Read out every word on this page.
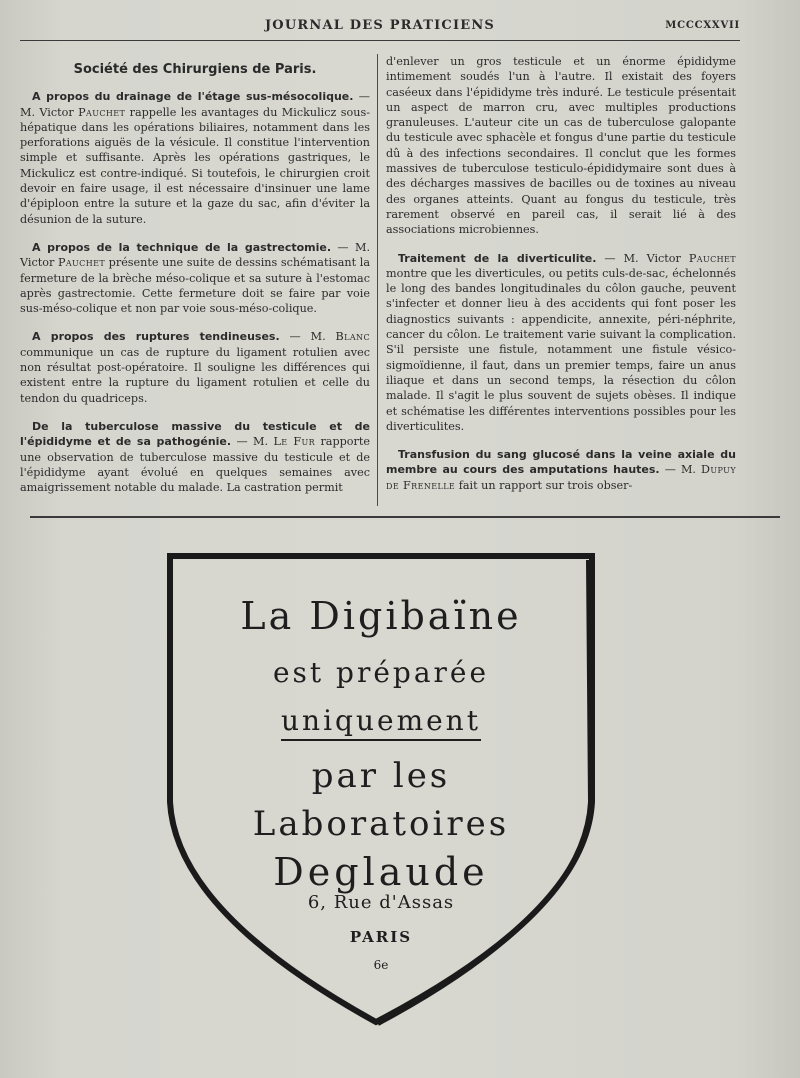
JOURNAL DES PRATICIENS	MCCCXXVII
Société des Chirurgiens de Paris.

A propos du drainage de l'étage sus-mésocolique. — M. Victor Pauchet rappelle les avantages du Mickulicz sous-hépatique dans les opérations biliaires, notamment dans les perforations aiguës de la vésicule. Il constitue l'intervention simple et suffisante. Après les opérations gastriques, le Mickulicz est contre-indiqué. Si toutefois, le chirurgien croit devoir en faire usage, il est nécessaire d'insinuer une lame d'épiploon entre la suture et la gaze du sac, afin d'éviter la désunion de la suture.

A propos de la technique de la gastrectomie. — M. Victor Pauchet présente une suite de dessins schématisant la fermeture de la brèche méso-colique et sa suture à l'estomac après gastrectomie. Cette fermeture doit se faire par voie sus-méso-colique et non par voie sous-méso-colique.

A propos des ruptures tendineuses. — M. Blanc communique un cas de rupture du ligament rotulien avec non résultat post-opératoire. Il souligne les différences qui existent entre la rupture du ligament rotulien et celle du tendon du quadriceps.

De la tuberculose massive du testicule et de l'épididyme et de sa pathogénie. — M. Le Fur rapporte une observation de tuberculose massive du testicule et de l'épididyme ayant évolué en quelques semaines avec amaigrissement notable du malade. La castration permit

d'enlever un gros testicule et un énorme épididyme intimement soudés l'un à l'autre. Il existait des foyers caséeux dans l'épididyme très induré. Le testicule présentait un aspect de marron cru, avec multiples productions granuleuses. L'auteur cite un cas de tuberculose galopante du testicule avec sphacèle et fongus d'une partie du testicule dû à des infections secondaires. Il conclut que les formes massives de tuberculose testiculo-épididymaire sont dues à des décharges massives de bacilles ou de toxines au niveau des organes atteints. Quant au fongus du testicule, très rarement observé en pareil cas, il serait lié à des associations microbiennes.

Traitement de la diverticulite. — M. Victor Pauchet montre que les diverticules, ou petits culs-de-sac, échelonnés le long des bandes longitudinales du côlon gauche, peuvent s'infecter et donner lieu à des accidents qui font poser les diagnostics suivants : appendicite, annexite, péri-néphrite, cancer du côlon. Le traitement varie suivant la complication. S'il persiste une fistule, notamment une fistule vésico-sigmoïdienne, il faut, dans un premier temps, faire un anus iliaque et dans un second temps, la résection du côlon malade. Il s'agit le plus souvent de sujets obèses. Il indique et schématise les différentes interventions possibles pour les diverticulites.

Transfusion du sang glucosé dans la veine axiale du membre au cours des amputations hautes. — M. Dupuy de Frenelle fait un rapport sur trois obser-

La Digibaïne
est préparée
uniquement
par les
Laboratoires
Deglaude
6, Rue d'Assas
PARIS
6e
